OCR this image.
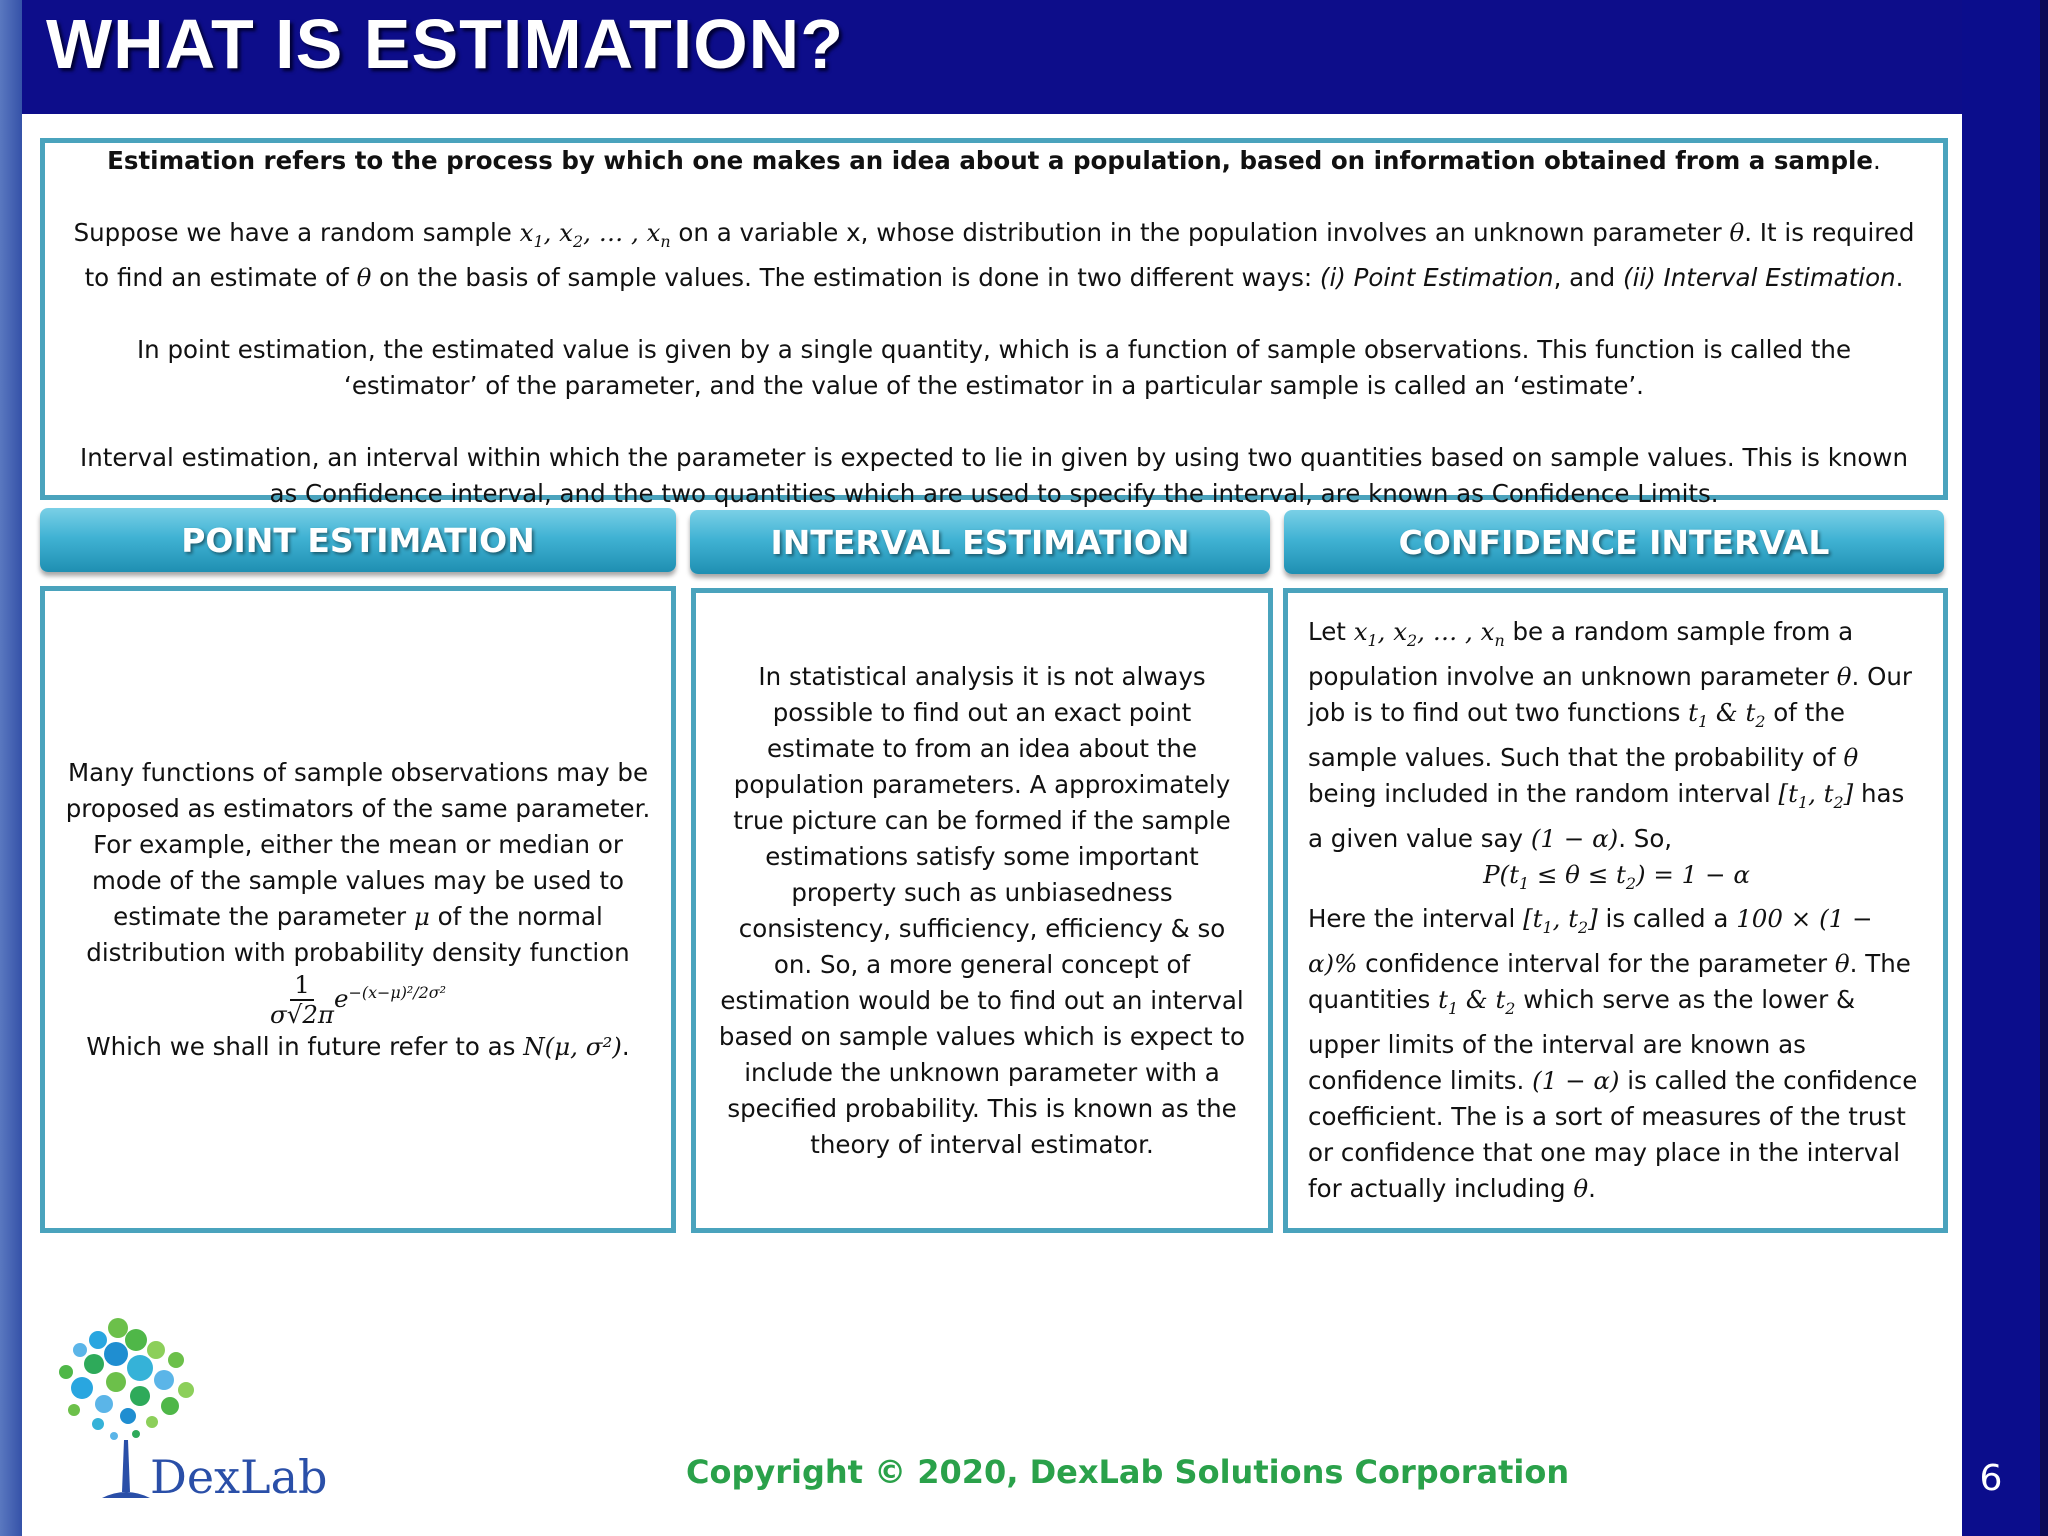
WHAT IS ESTIMATION?

Estimation refers to the process by which one makes an idea about a population, based on information obtained from a sample.

Suppose we have a random sample $x_1$, $x_2$, … , $x_n$ on a variable x, whose distribution in the population involves an unknown parameter θ. It is required to find an estimate of θ on the basis of sample values. The estimation is done in two different ways: (i) Point Estimation, and (ii) Interval Estimation.

In point estimation, the estimated value is given by a single quantity, which is a function of sample observations. This function is called the ‘estimator’ of the parameter, and the value of the estimator in a particular sample is called an ‘estimate’.

Interval estimation, an interval within which the parameter is expected to lie in given by using two quantities based on sample values. This is known as Confidence interval, and the two quantities which are used to specify the interval, are known as Confidence Limits.

POINT ESTIMATION	INTERVAL ESTIMATION	CONFIDENCE INTERVAL

Many functions of sample observations may be proposed as estimators of the same parameter. For example, either the mean or median or mode of the sample values may be used to estimate the parameter μ of the normal distribution with probability density function

$\frac{1}{\sigma√2\pi} e^{-(x-\mu)^2/2\sigma^2}$

Which we shall in future refer to as N(μ, σ²).

In statistical analysis it is not always possible to find out an exact point estimate to from an idea about the population parameters. A approximately true picture can be formed if the sample estimations satisfy some important property such as unbiasedness consistency, sufficiency, efficiency & so on. So, a more general concept of estimation would be to find out an interval based on sample values which is expect to include the unknown parameter with a specified probability. This is known as the theory of interval estimator.

Let $x_1$, $x_2$, … , $x_n$ be a random sample from a population involve an unknown parameter θ. Our job is to find out two functions $t_1$ & $t_2$ of the sample values. Such that the probability of θ being included in the random interval [$t_1$, $t_2$] has a given value say (1 − α). So,

$P(t_1 \le \theta \le t_2) = 1 - \alpha$

Here the interval [$t_1$, $t_2$] is called a 100 × (1 − α)% confidence interval for the parameter θ. The quantities $t_1$ & $t_2$ which serve as the lower & upper limits of the interval are known as confidence limits. (1 − α) is called the confidence coefficient. The is a sort of measures of the trust or confidence that one may place in the interval for actually including θ.

DexLab	Copyright © 2020, DexLab Solutions Corporation	6
